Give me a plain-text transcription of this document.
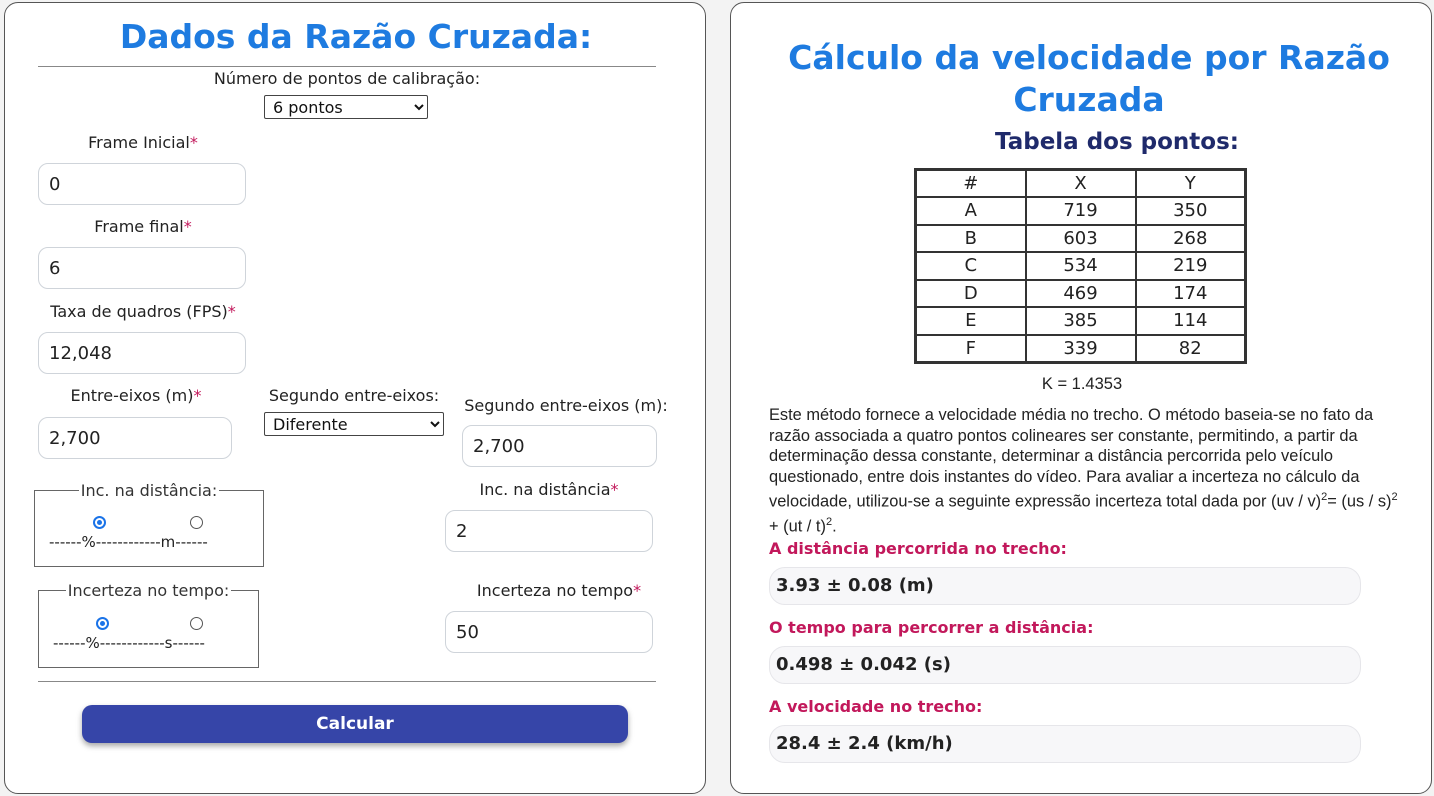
Dados da Razão Cruzada:
Número de pontos de calibração:
6 pontos
Frame Inicial*
0
Frame final*
6
Taxa de quadros (FPS)*
12,048
Entre-eixos (m)*
2,700	Segundo entre-eixos:
Diferente
Segundo entre-eixos (m):
2,700
Inc. na distância:
------%------------m------
Inc. na distância*
2
Incerteza no tempo:
------%------------s------
Incerteza no tempo*
50
Calcular
Cálculo da velocidade por Razão
Cruzada
Tabela dos pontos:
#	X	Y
A	719	350
B	603	268
C	534	219
D	469	174
E	385	114
F	339	82
K = 1.4353
Este método fornece a velocidade média no trecho. O método baseia-se no fato da razão associada a quatro pontos colineares ser constante, permitindo, a partir da determinação dessa constante, determinar a distância percorrida pelo veículo questionado, entre dois instantes do vídeo. Para avaliar a incerteza no cálculo da velocidade, utilizou-se a seguinte expressão incerteza total dada por (uv / v)$^2$= (us / s)$^2$ + (ut / t)$^2$.
A distância percorrida no trecho:
3.93 ± 0.08 (m)
O tempo para percorrer a distância:
0.498 ± 0.042 (s)
A velocidade no trecho:
28.4 ± 2.4 (km/h)
